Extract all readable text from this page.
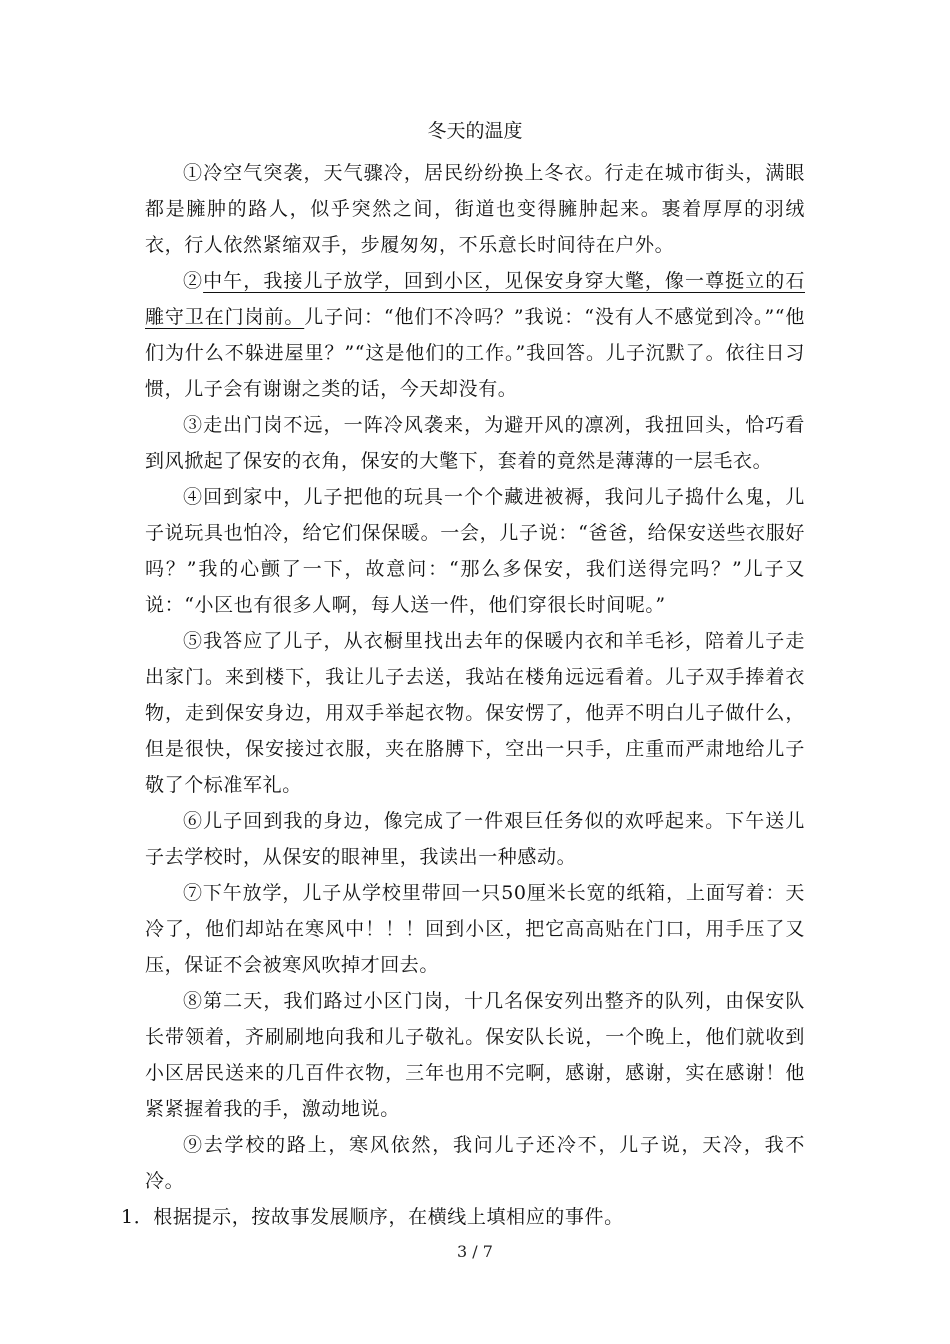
冬天的温度

①冷空气突袭，天气骤冷，居民纷纷换上冬衣。行走在城市街头，满眼都是臃肿的路人，似乎突然之间，街道也变得臃肿起来。裹着厚厚的羽绒衣，行人依然紧缩双手，步履匆匆，不乐意长时间待在户外。

②中午，我接儿子放学，回到小区，见保安身穿大氅，像一尊挺立的石雕守卫在门岗前。儿子问：“他们不冷吗？”我说：“没有人不感觉到冷。”“他们为什么不躲进屋里？”“这是他们的工作。”我回答。儿子沉默了。依往日习惯，儿子会有谢谢之类的话，今天却没有。

③走出门岗不远，一阵冷风袭来，为避开风的凛冽，我扭回头，恰巧看到风掀起了保安的衣角，保安的大氅下，套着的竟然是薄薄的一层毛衣。

④回到家中，儿子把他的玩具一个个藏进被褥，我问儿子捣什么鬼，儿子说玩具也怕冷，给它们保保暖。一会，儿子说：“爸爸，给保安送些衣服好吗？”我的心颤了一下，故意问：“那么多保安，我们送得完吗？”儿子又说：“小区也有很多人啊，每人送一件，他们穿很长时间呢。”

⑤我答应了儿子，从衣橱里找出去年的保暖内衣和羊毛衫，陪着儿子走出家门。来到楼下，我让儿子去送，我站在楼角远远看着。儿子双手捧着衣物，走到保安身边，用双手举起衣物。保安愣了，他弄不明白儿子做什么，但是很快，保安接过衣服，夹在胳膊下，空出一只手，庄重而严肃地给儿子敬了个标准军礼。

⑥儿子回到我的身边，像完成了一件艰巨任务似的欢呼起来。下午送儿子去学校时，从保安的眼神里，我读出一种感动。

⑦下午放学，儿子从学校里带回一只50厘米长宽的纸箱，上面写着：天冷了，他们却站在寒风中！！！回到小区，把它高高贴在门口，用手压了又压，保证不会被寒风吹掉才回去。

⑧第二天，我们路过小区门岗，十几名保安列出整齐的队列，由保安队长带领着，齐刷刷地向我和儿子敬礼。保安队长说，一个晚上，他们就收到小区居民送来的几百件衣物，三年也用不完啊，感谢，感谢，实在感谢！他紧紧握着我的手，激动地说。

⑨去学校的路上，寒风依然，我问儿子还冷不，儿子说，天冷，我不冷。

1．根据提示，按故事发展顺序，在横线上填相应的事件。

3 / 7
